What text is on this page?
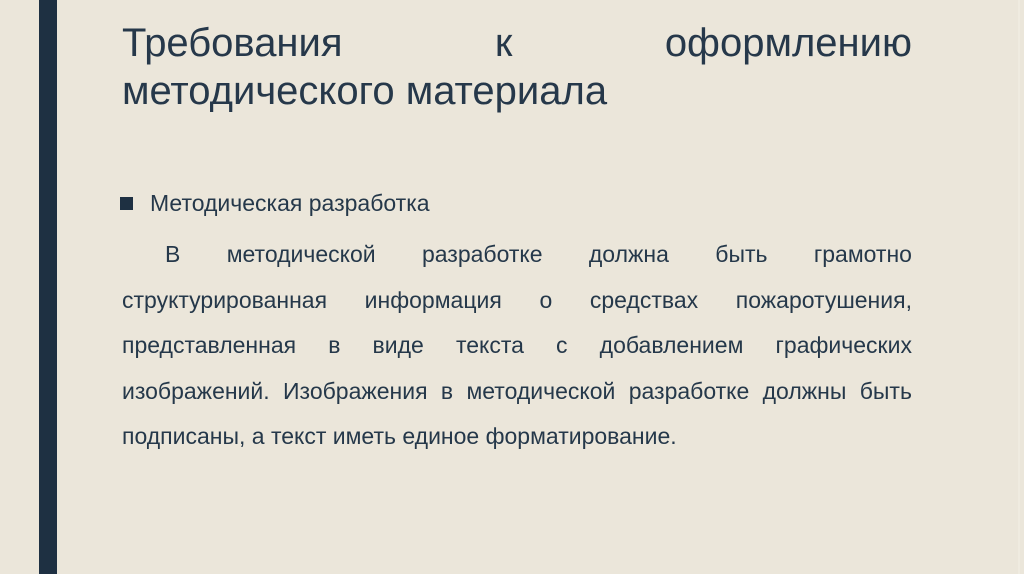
Требования	к	оформлению
методического материала
Методическая разработка
В методической разработке должна быть грамотно
структурированная информация о средствах пожаротушения,
представленная в виде текста с добавлением графических
изображений. Изображения в методической разработке должны быть
подписаны, а текст иметь единое форматирование.
